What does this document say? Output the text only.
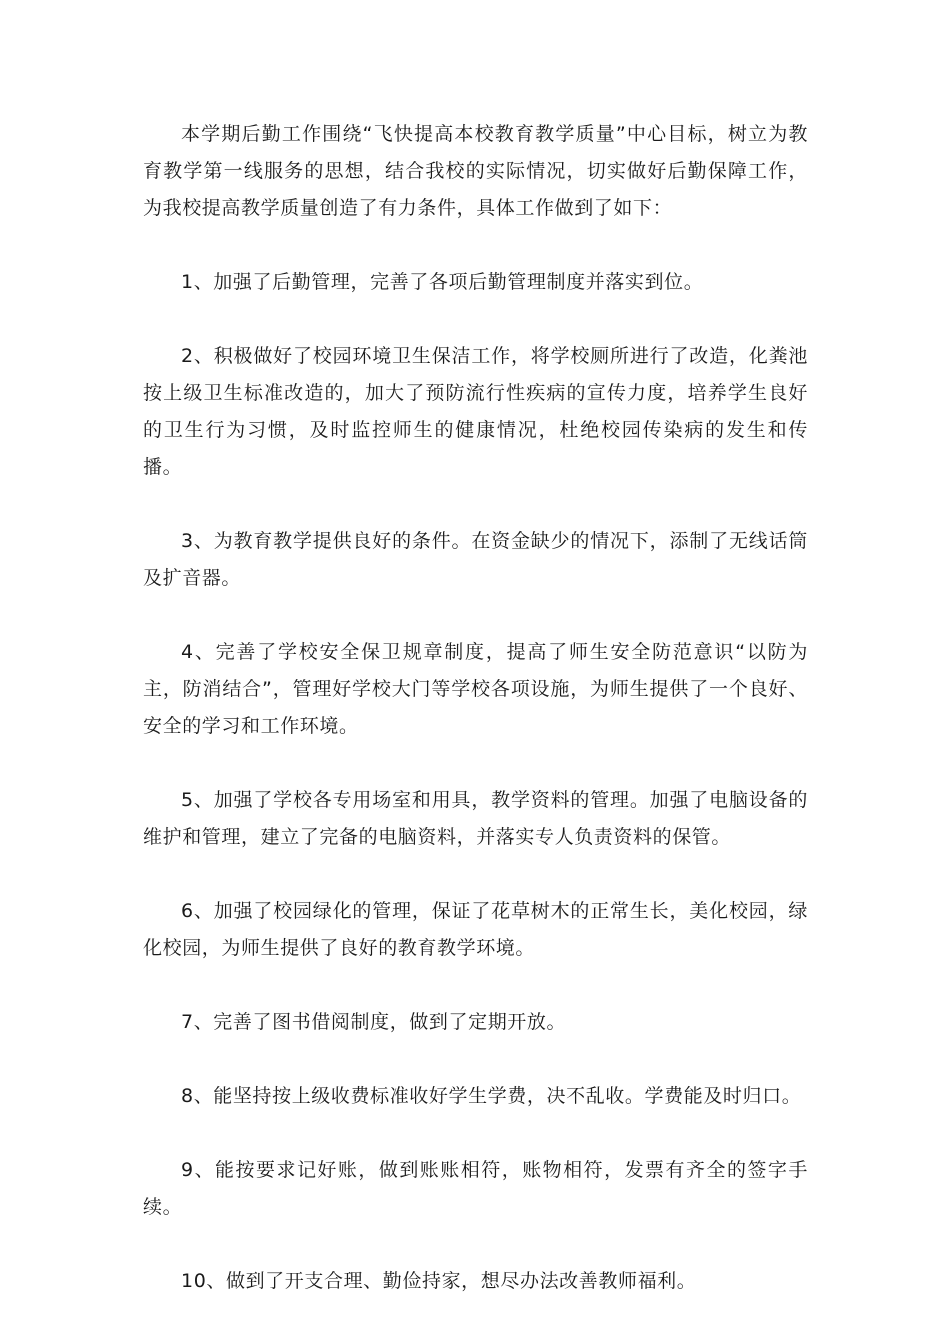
本学期后勤工作围绕“飞快提高本校教育教学质量”中心目标，树立为教育教学第一线服务的思想，结合我校的实际情况，切实做好后勤保障工作，为我校提高教学质量创造了有力条件，具体工作做到了如下：

1、加强了后勤管理，完善了各项后勤管理制度并落实到位。

2、积极做好了校园环境卫生保洁工作，将学校厕所进行了改造，化粪池按上级卫生标准改造的，加大了预防流行性疾病的宣传力度，培养学生良好的卫生行为习惯，及时监控师生的健康情况，杜绝校园传染病的发生和传播。

3、为教育教学提供良好的条件。在资金缺少的情况下，添制了无线话筒及扩音器。

4、完善了学校安全保卫规章制度，提高了师生安全防范意识“以防为主，防消结合”，管理好学校大门等学校各项设施，为师生提供了一个良好、安全的学习和工作环境。

5、加强了学校各专用场室和用具，教学资料的管理。加强了电脑设备的维护和管理，建立了完备的电脑资料，并落实专人负责资料的保管。

6、加强了校园绿化的管理，保证了花草树木的正常生长，美化校园，绿化校园，为师生提供了良好的教育教学环境。

7、完善了图书借阅制度，做到了定期开放。

8、能坚持按上级收费标准收好学生学费，决不乱收。学费能及时归口。

9、能按要求记好账，做到账账相符，账物相符，发票有齐全的签字手续。

10、做到了开支合理、勤俭持家，想尽办法改善教师福利。
